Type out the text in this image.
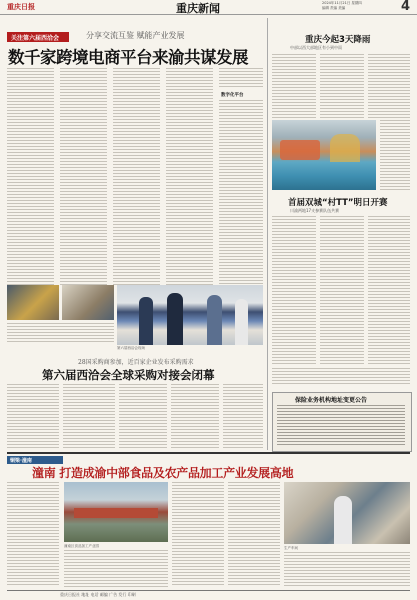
重庆日报	重庆新闻	2024年11月21日 星期四
编辑 责编 美编	4
关注第六届西洽会	分享交流互鉴 赋能产业发展
数千家跨境电商平台来渝共谋发展
数字化平台
第六届西洽会现场
28国采购商参加，近百家企业发布采购需求
第六届西洽会全球采购对接会闭幕
重庆今起3天降雨
中部以西大部地区有小到中雨
首届双城“村TT”明日开赛
川渝两地17支参赛队伍共赛
保险业务机构地址变更公告
铜梁·潼南
潼南 打造成渝中部食品及农产品加工产业发展高地
潼南区食品加工产业园	生产车间
重庆日报社 地址 电话 邮编 广告 发行 印刷
